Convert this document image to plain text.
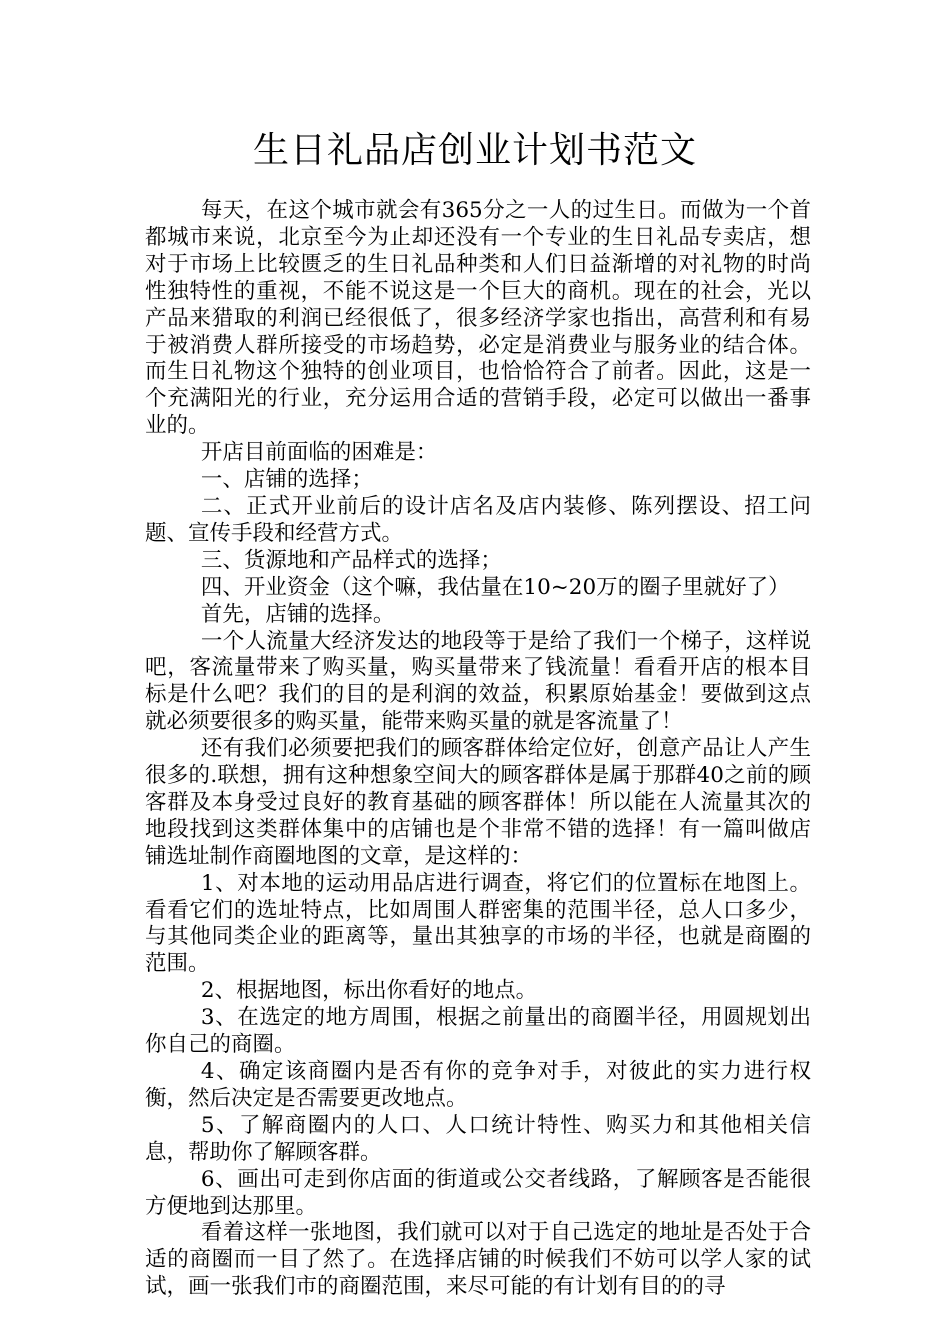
生日礼品店创业计划书范文

每天，在这个城市就会有365分之一人的过生日。而做为一个首都城市来说，北京至今为止却还没有一个专业的生日礼品专卖店，想对于市场上比较匮乏的生日礼品种类和人们日益渐增的对礼物的时尚性独特性的重视，不能不说这是一个巨大的商机。现在的社会，光以产品来猎取的利润已经很低了，很多经济学家也指出，高营利和有易于被消费人群所接受的市场趋势，必定是消费业与服务业的结合体。而生日礼物这个独特的创业项目，也恰恰符合了前者。因此，这是一个充满阳光的行业，充分运用合适的营销手段，必定可以做出一番事业的。

开店目前面临的困难是：

一、店铺的选择；

二、正式开业前后的设计店名及店内装修、陈列摆设、招工问题、宣传手段和经营方式。

三、货源地和产品样式的选择；

四、开业资金（这个嘛，我估量在10~20万的圈子里就好了）

首先，店铺的选择。

一个人流量大经济发达的地段等于是给了我们一个梯子，这样说吧，客流量带来了购买量，购买量带来了钱流量！看看开店的根本目标是什么吧？我们的目的是利润的效益，积累原始基金！要做到这点就必须要很多的购买量，能带来购买量的就是客流量了！

还有我们必须要把我们的顾客群体给定位好，创意产品让人产生很多的.联想，拥有这种想象空间大的顾客群体是属于那群40之前的顾客群及本身受过良好的教育基础的顾客群体！所以能在人流量其次的地段找到这类群体集中的店铺也是个非常不错的选择！有一篇叫做店铺选址制作商圈地图的文章，是这样的：

1、对本地的运动用品店进行调查，将它们的位置标在地图上。看看它们的选址特点，比如周围人群密集的范围半径，总人口多少，与其他同类企业的距离等，量出其独享的市场的半径，也就是商圈的范围。

2、根据地图，标出你看好的地点。

3、在选定的地方周围，根据之前量出的商圈半径，用圆规划出你自己的商圈。

4、确定该商圈内是否有你的竞争对手，对彼此的实力进行权衡，然后决定是否需要更改地点。

5、了解商圈内的人口、人口统计特性、购买力和其他相关信息，帮助你了解顾客群。

6、画出可走到你店面的街道或公交者线路，了解顾客是否能很方便地到达那里。

看着这样一张地图，我们就可以对于自己选定的地址是否处于合适的商圈而一目了然了。在选择店铺的时候我们不妨可以学人家的试试，画一张我们市的商圈范围，来尽可能的有计划有目的的寻
